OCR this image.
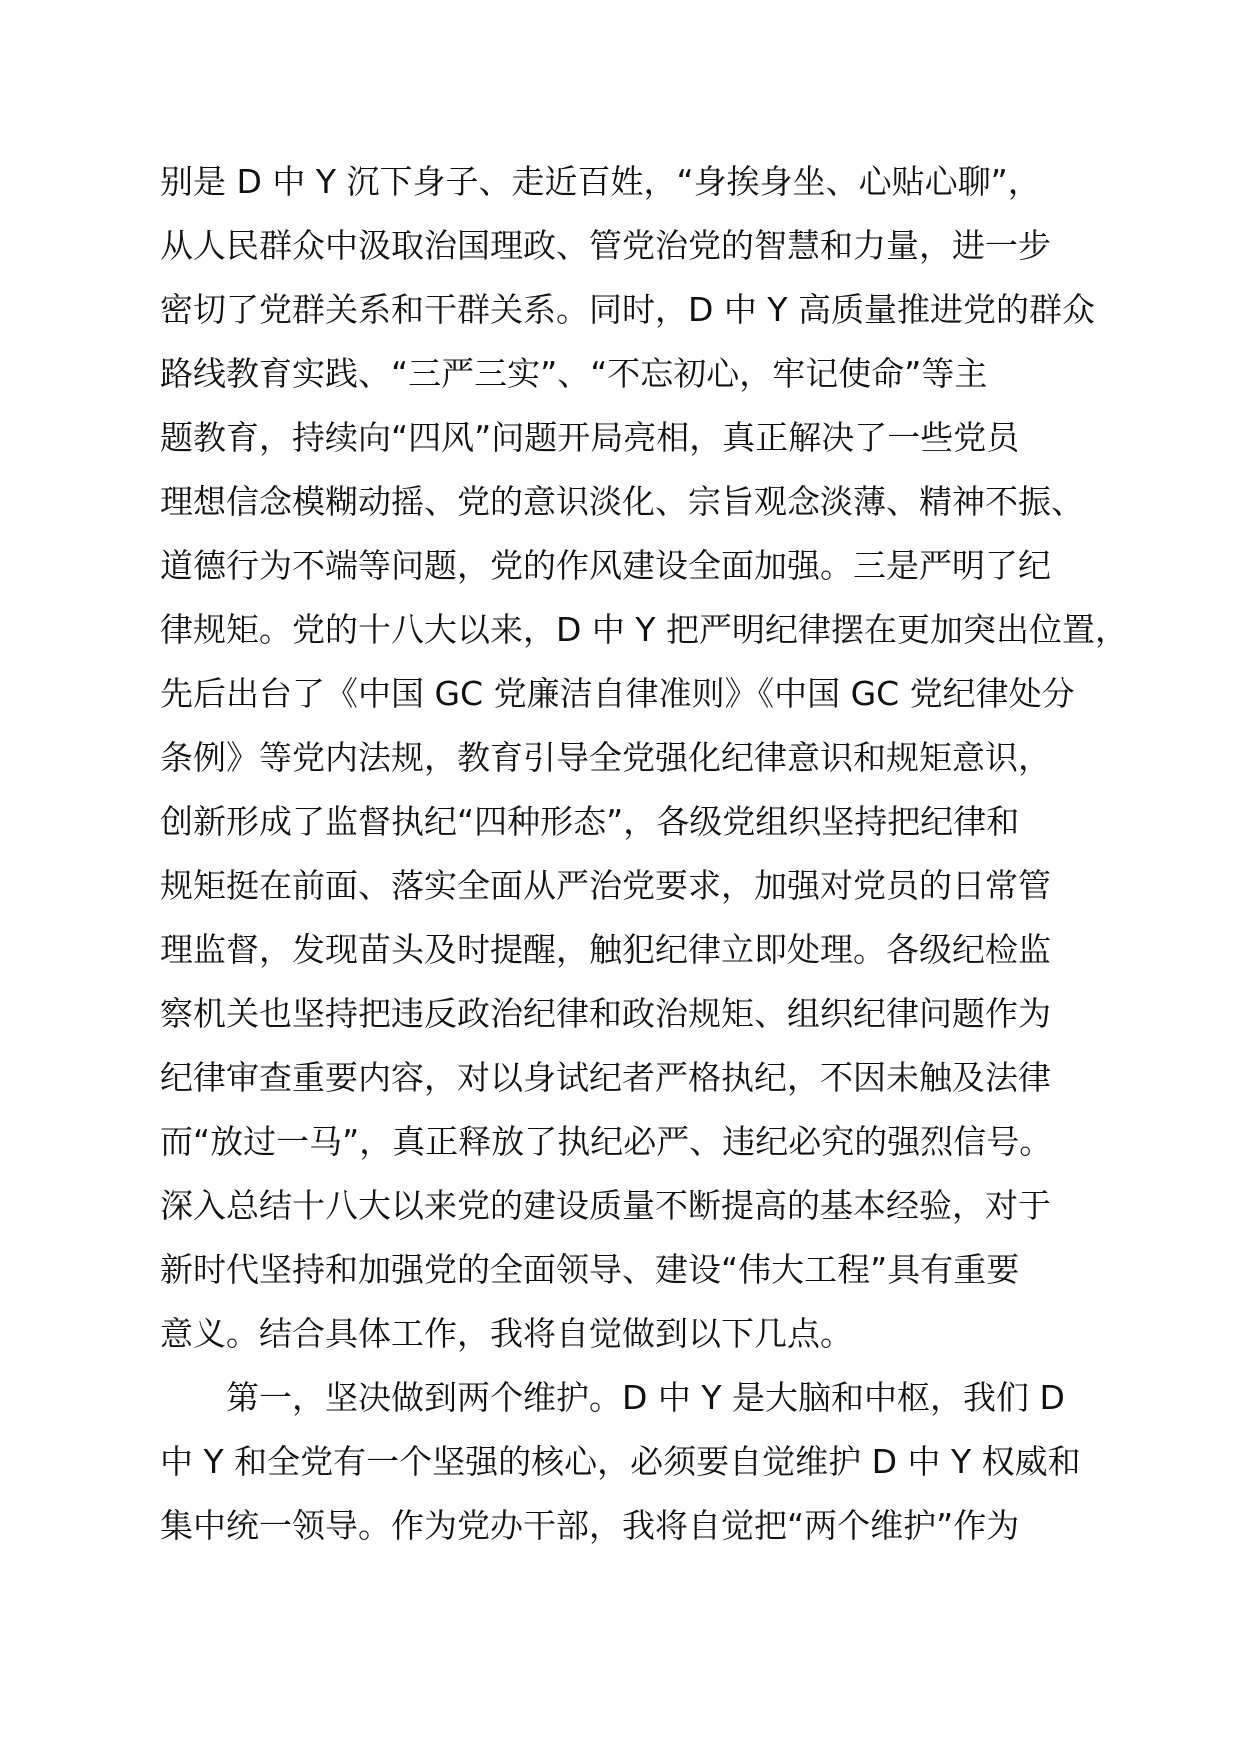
别是 D 中 Y 沉下身子、走近百姓，“身挨身坐、心贴心聊”，
从人民群众中汲取治国理政、管党治党的智慧和力量，进一步
密切了党群关系和干群关系。同时，D 中 Y 高质量推进党的群众
路线教育实践、“三严三实”、“不忘初心，牢记使命”等主
题教育，持续向“四风”问题开局亮相，真正解决了一些党员
理想信念模糊动摇、党的意识淡化、宗旨观念淡薄、精神不振、
道德行为不端等问题，党的作风建设全面加强。三是严明了纪
律规矩。党的十八大以来，D 中 Y 把严明纪律摆在更加突出位置，
先后出台了《中国 GC 党廉洁自律准则》《中国 GC 党纪律处分
条例》等党内法规，教育引导全党强化纪律意识和规矩意识，
创新形成了监督执纪“四种形态”，各级党组织坚持把纪律和
规矩挺在前面、落实全面从严治党要求，加强对党员的日常管
理监督，发现苗头及时提醒，触犯纪律立即处理。各级纪检监
察机关也坚持把违反政治纪律和政治规矩、组织纪律问题作为
纪律审查重要内容，对以身试纪者严格执纪，不因未触及法律
而“放过一马”，真正释放了执纪必严、违纪必究的强烈信号。
深入总结十八大以来党的建设质量不断提高的基本经验，对于
新时代坚持和加强党的全面领导、建设“伟大工程”具有重要
意义。结合具体工作，我将自觉做到以下几点。
第一，坚决做到两个维护。D 中 Y 是大脑和中枢，我们 D
中 Y 和全党有一个坚强的核心，必须要自觉维护 D 中 Y 权威和
集中统一领导。作为党办干部，我将自觉把“两个维护”作为
